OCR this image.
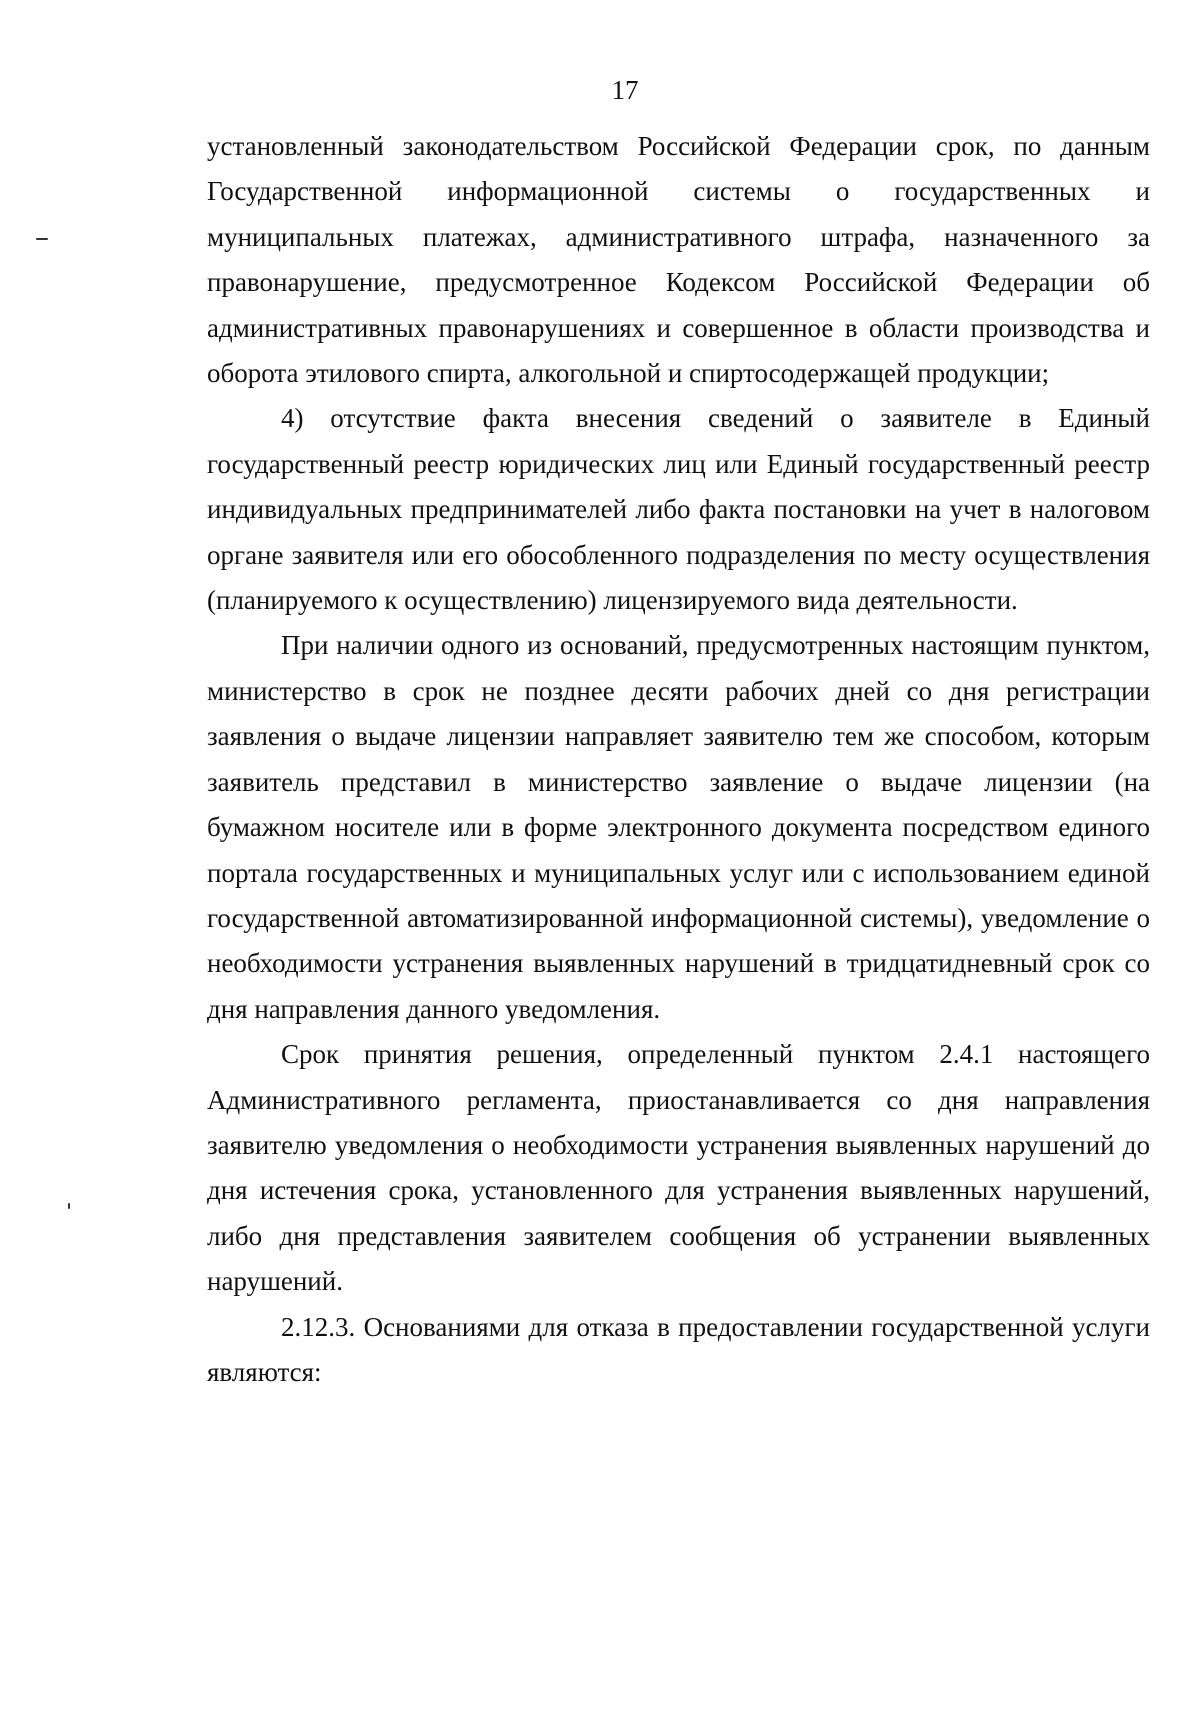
17

установленный законодательством Российской Федерации срок, по данным Государственной информационной системы о государственных и муниципальных платежах, административного штрафа, назначенного за правонарушение, предусмотренное Кодексом Российской Федерации об административных правонарушениях и совершенное в области производства и оборота этилового спирта, алкогольной и спиртосодержащей продукции;

4) отсутствие факта внесения сведений о заявителе в Единый государственный реестр юридических лиц или Единый государственный реестр индивидуальных предпринимателей либо факта постановки на учет в налоговом органе заявителя или его обособленного подразделения по месту осуществления (планируемого к осуществлению) лицензируемого вида деятельности.

При наличии одного из оснований, предусмотренных настоящим пунктом, министерство в срок не позднее десяти рабочих дней со дня регистрации заявления о выдаче лицензии направляет заявителю тем же способом, которым заявитель представил в министерство заявление о выдаче лицензии (на бумажном носителе или в форме электронного документа посредством единого портала государственных и муниципальных услуг или с использованием единой государственной автоматизированной информационной системы), уведомление о необходимости устранения выявленных нарушений в тридцатидневный срок со дня направления данного уведомления.

Срок принятия решения, определенный пунктом 2.4.1 настоящего Административного регламента, приостанавливается со дня направления заявителю уведомления о необходимости устранения выявленных нарушений до дня истечения срока, установленного для устранения выявленных нарушений, либо дня представления заявителем сообщения об устранении выявленных нарушений.

2.12.3. Основаниями для отказа в предоставлении государственной услуги являются:
